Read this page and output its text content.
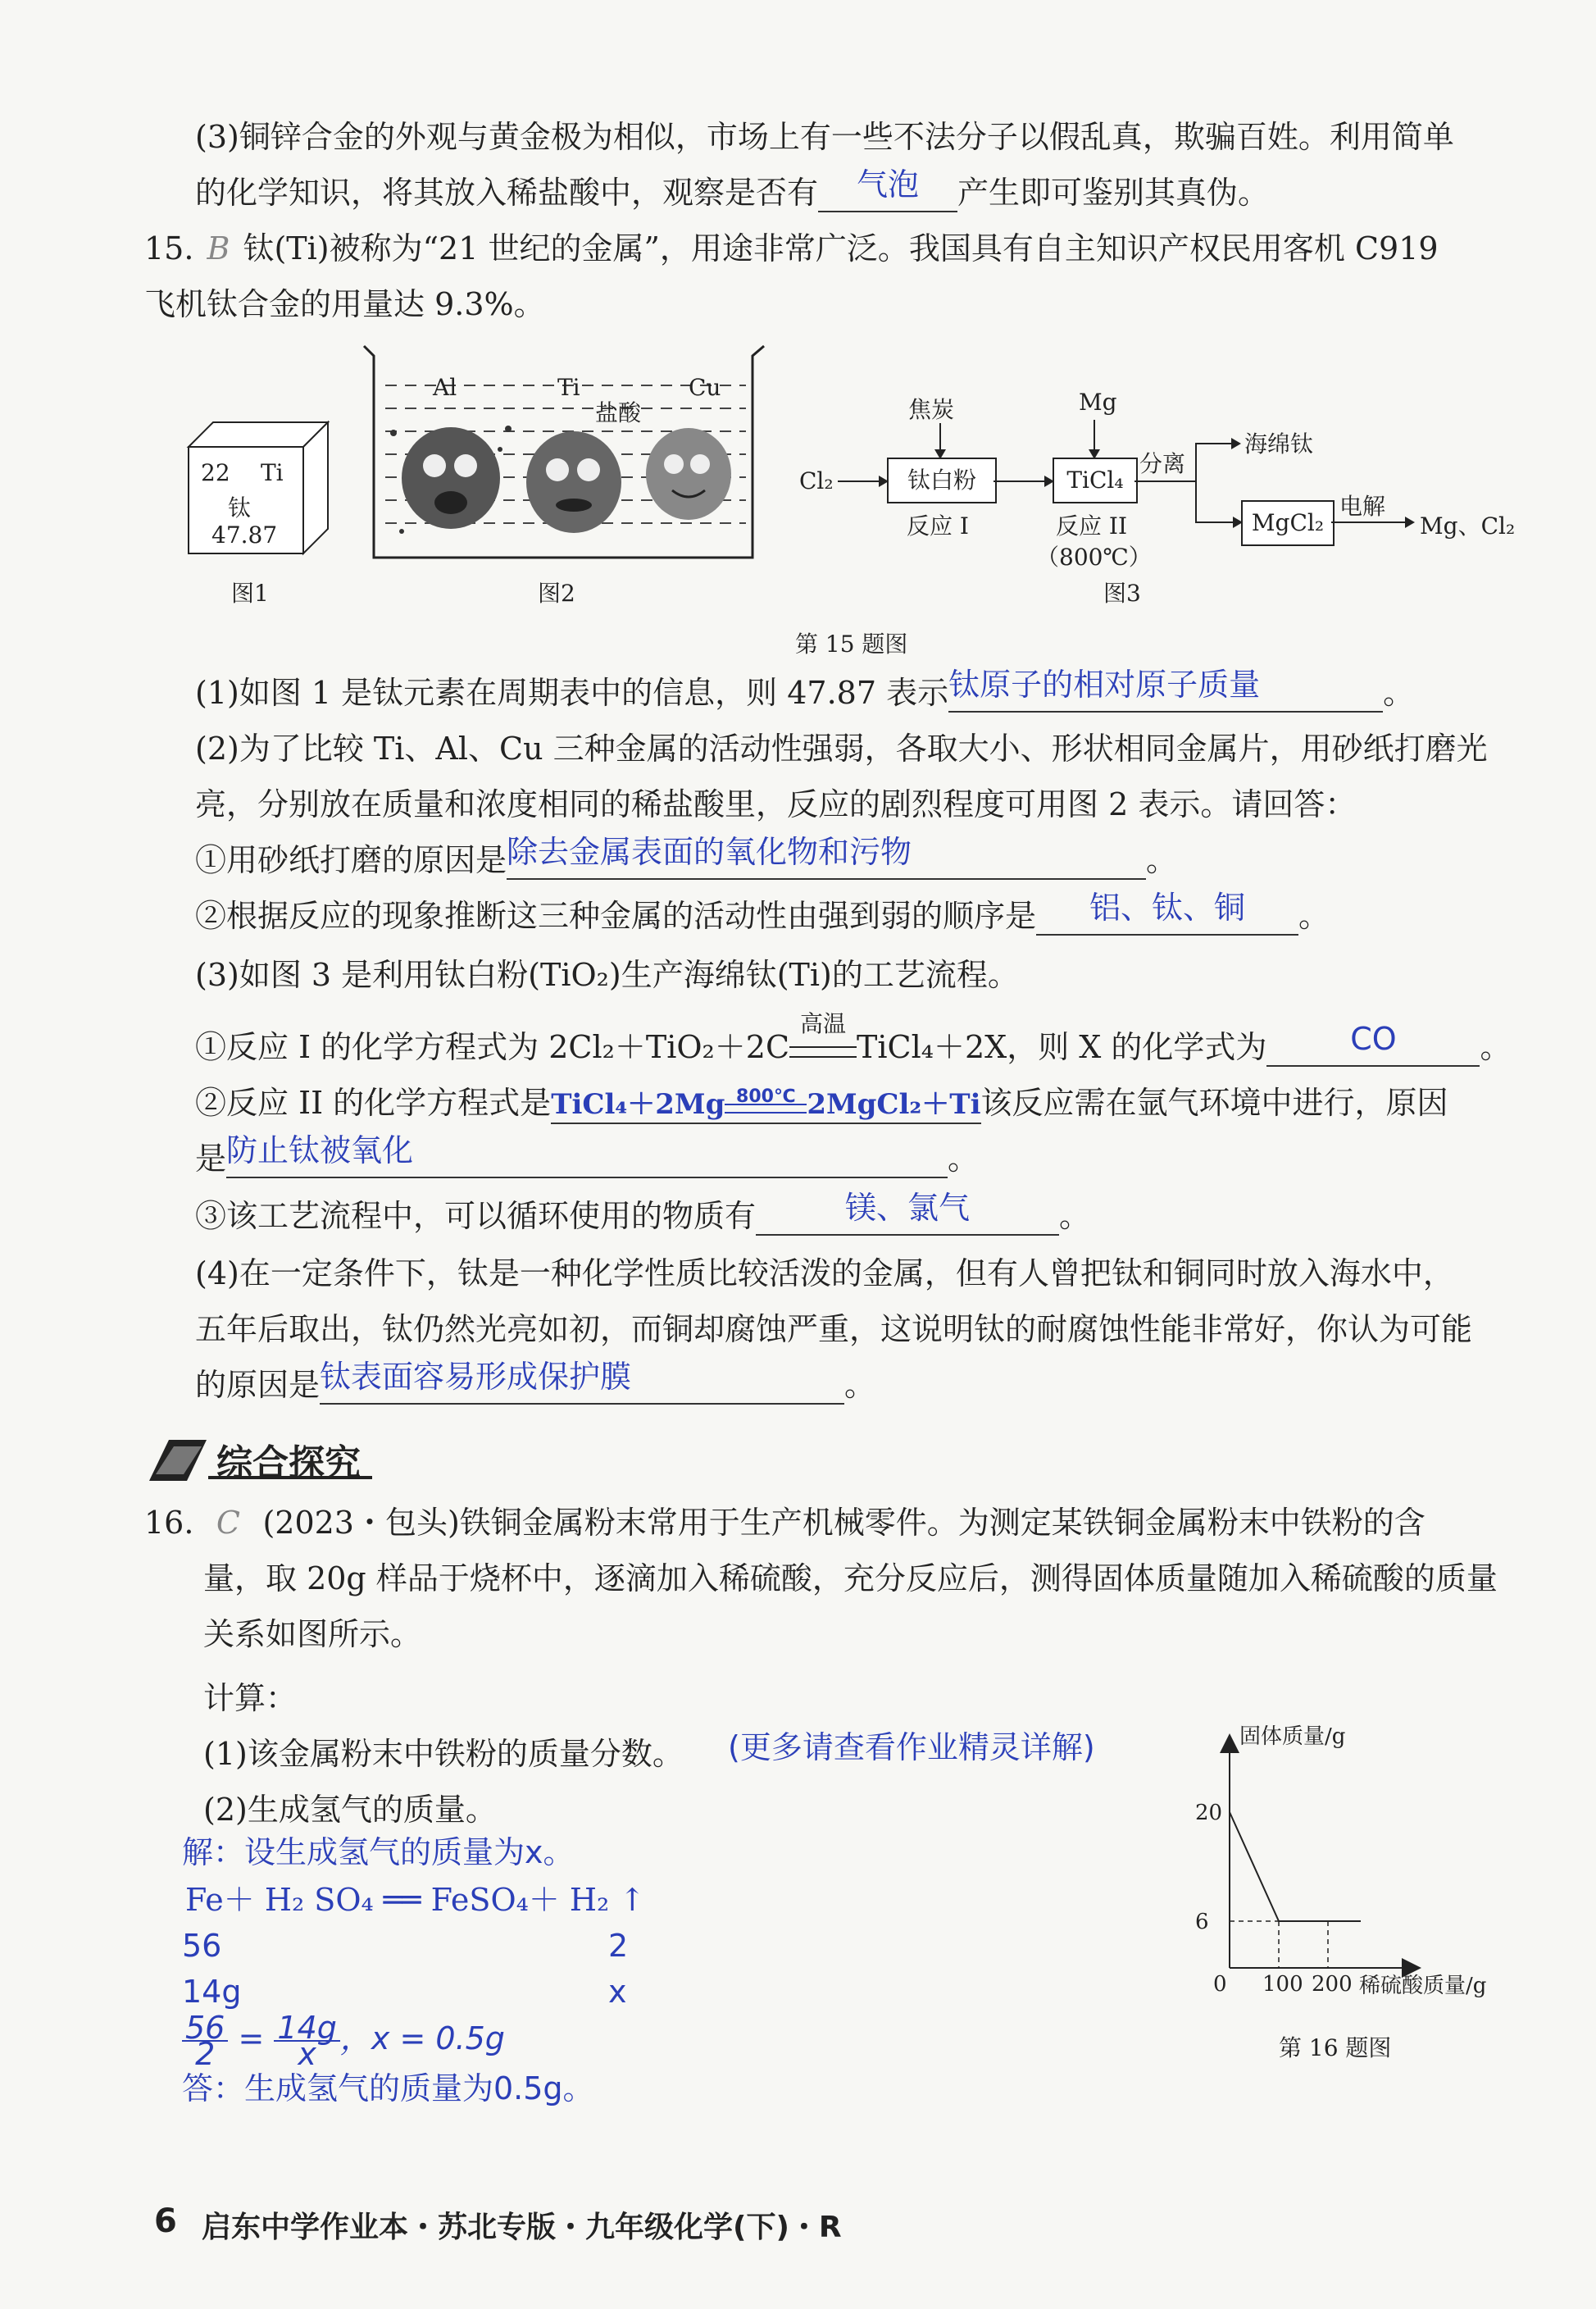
(3)铜锌合金的外观与黄金极为相似，市场上有一些不法分子以假乱真，欺骗百姓。利用简单
的化学知识，将其放入稀盐酸中，观察是否有 气泡 产生即可鉴别其真伪。
15. B 钛(Ti)被称为“21 世纪的金属”，用途非常广泛。我国具有自主知识产权民用客机 C919
飞机钛合金的用量达 9.3%。
22 Ti
钛
47.87
图1
Al	Ti	Cu
盐酸
图2
Cl₂
焦炭
钛白粉
反应 I
Mg
TiCl₄
反应 II
（800℃）
分离
海绵钛
MgCl₂
电解
Mg、Cl₂
图3
第 15 题图
(1)如图 1 是钛元素在周期表中的信息，则 47.87 表示钛原子的相对原子质量	。
(2)为了比较 Ti、Al、Cu 三种金属的活动性强弱，各取大小、形状相同金属片，用砂纸打磨光
亮，分别放在质量和浓度相同的稀盐酸里，反应的剧烈程度可用图 2 表示。请回答：
①用砂纸打磨的原因是除去金属表面的氧化物和污物	。
②根据反应的现象推断这三种金属的活动性由强到弱的顺序是 铝、钛、铜 。
(3)如图 3 是利用钛白粉(TiO₂)生产海绵钛(Ti)的工艺流程。
①反应 I 的化学方程式为 2Cl₂＋TiO₂＋2C
高温
TiCl₄＋2X，则 X 的化学式为	CO	。
②反应 II 的化学方程式是TiCl₄＋2Mg 800℃ 2MgCl₂＋Ti该反应需在氩气环境中进行，原因
是防止钛被氧化	。
③该工艺流程中，可以循环使用的物质有	镁、氯气	。
(4)在一定条件下，钛是一种化学性质比较活泼的金属，但有人曾把钛和铜同时放入海水中，
五年后取出，钛仍然光亮如初，而铜却腐蚀严重，这说明钛的耐腐蚀性能非常好，你认为可能
的原因是钛表面容易形成保护膜	。
综合探究
16. C (2023・包头)铁铜金属粉末常用于生产机械零件。为测定某铁铜金属粉末中铁粉的含
量，取 20g 样品于烧杯中，逐滴加入稀硫酸，充分反应后，测得固体质量随加入稀硫酸的质量
关系如图所示。
计算：
(1)该金属粉末中铁粉的质量分数。 (更多请查看作业精灵详解)
(2)生成氢气的质量。
解：设生成氢气的质量为x。
Fe＋ H₂ SO₄ ══ FeSO₄＋ H₂ ↑
56	2
14g	x
$\frac{56}{2} = \frac{14g}{x}$ ，x = 0.5g
答：生成氢气的质量为0.5g。
固体质量/g
稀硫酸质量/g
0
20
6
100 200
第 16 题图
6 启东中学作业本・苏北专版・九年级化学(下)・R
